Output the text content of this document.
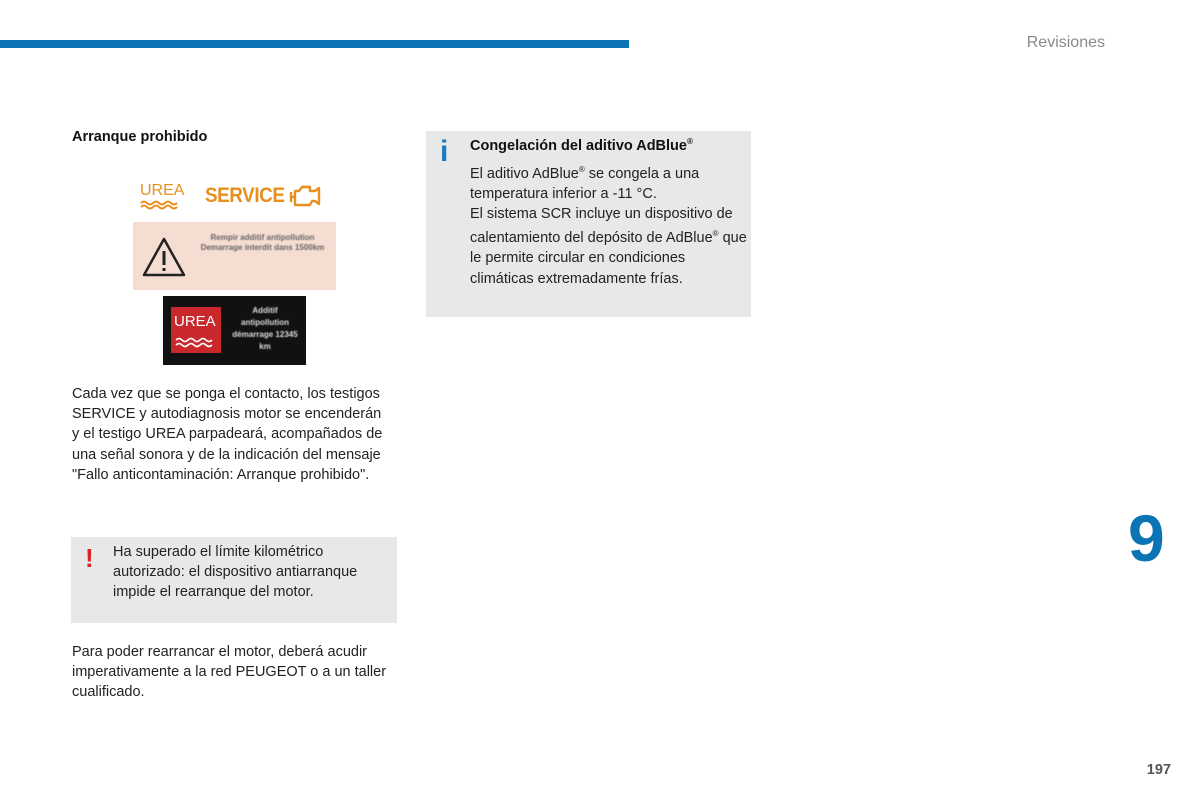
Revisiones
Arranque prohibido
UREA SERVICE
Rempir additif antipollution Demarrage interdit dans 1500km
UREA
Additif antipollution démarrage 12345 km

Cada vez que se ponga el contacto, los testigos SERVICE y autodiagnosis motor se encenderán y el testigo UREA parpadeará, acompañados de una señal sonora y de la indicación del mensaje "Fallo anticontaminación: Arranque prohibido".

! Ha superado el límite kilométrico autorizado: el dispositivo antiarranque impide el rearranque del motor.

Para poder rearrancar el motor, deberá acudir imperativamente a la red PEUGEOT o a un taller cualificado.

i Congelación del aditivo AdBlue®
El aditivo AdBlue® se congela a una temperatura inferior a -11 °C.
El sistema SCR incluye un dispositivo de calentamiento del depósito de AdBlue® que le permite circular en condiciones climáticas extremadamente frías.
9
197
